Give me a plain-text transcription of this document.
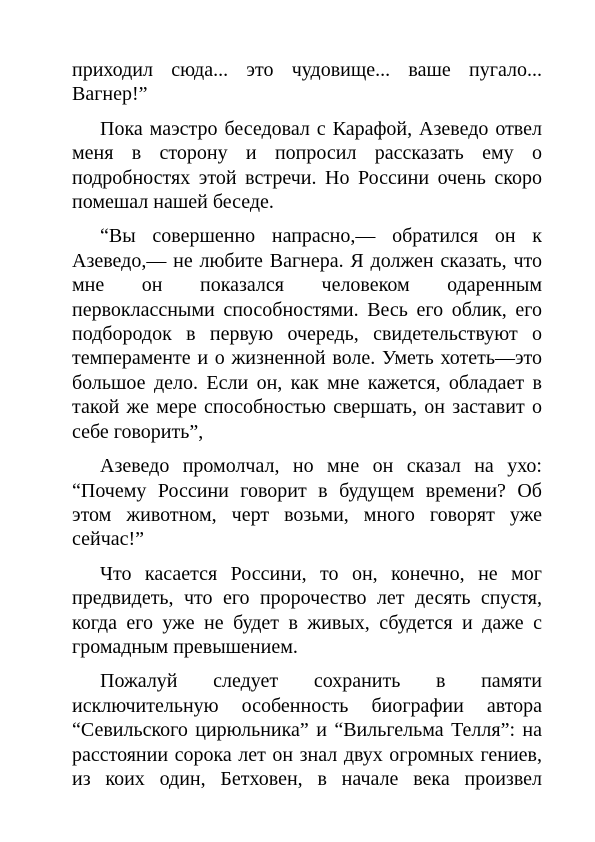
приходил сюда... это чудовище... ваше пугало...
Вагнер!”
Пока маэстро беседовал с Карафой, Азеведо отвел
меня в сторону и попросил рассказать ему о
подробностях этой встречи. Но Россини очень скоро
помешал нашей беседе.
“Вы совершенно напрасно,— обратился он к
Азеведо,— не любите Вагнера. Я должен сказать, что
мне он показался человеком одаренным
первоклассными способностями. Весь его облик, его
подбородок в первую очередь, свидетельствуют о
темпераменте и о жизненной воле. Уметь хотеть—это
большое дело. Если он, как мне кажется, обладает в
такой же мере способностью свершать, он заставит о
себе говорить”,
Азеведо промолчал, но мне он сказал на ухо:
“Почему Россини говорит в будущем времени? Об
этом животном, черт возьми, много говорят уже
сейчас!”
Что касается Россини, то он, конечно, не мог
предвидеть, что его пророчество лет десять спустя,
когда его уже не будет в живых, сбудется и даже с
громадным превышением.
Пожалуй следует сохранить в памяти
исключительную особенность биографии автора
“Севильского цирюльника” и “Вильгельма Телля”: на
расстоянии сорока лет он знал двух огромных гениев,
из коих один, Бетховен, в начале века произвел
